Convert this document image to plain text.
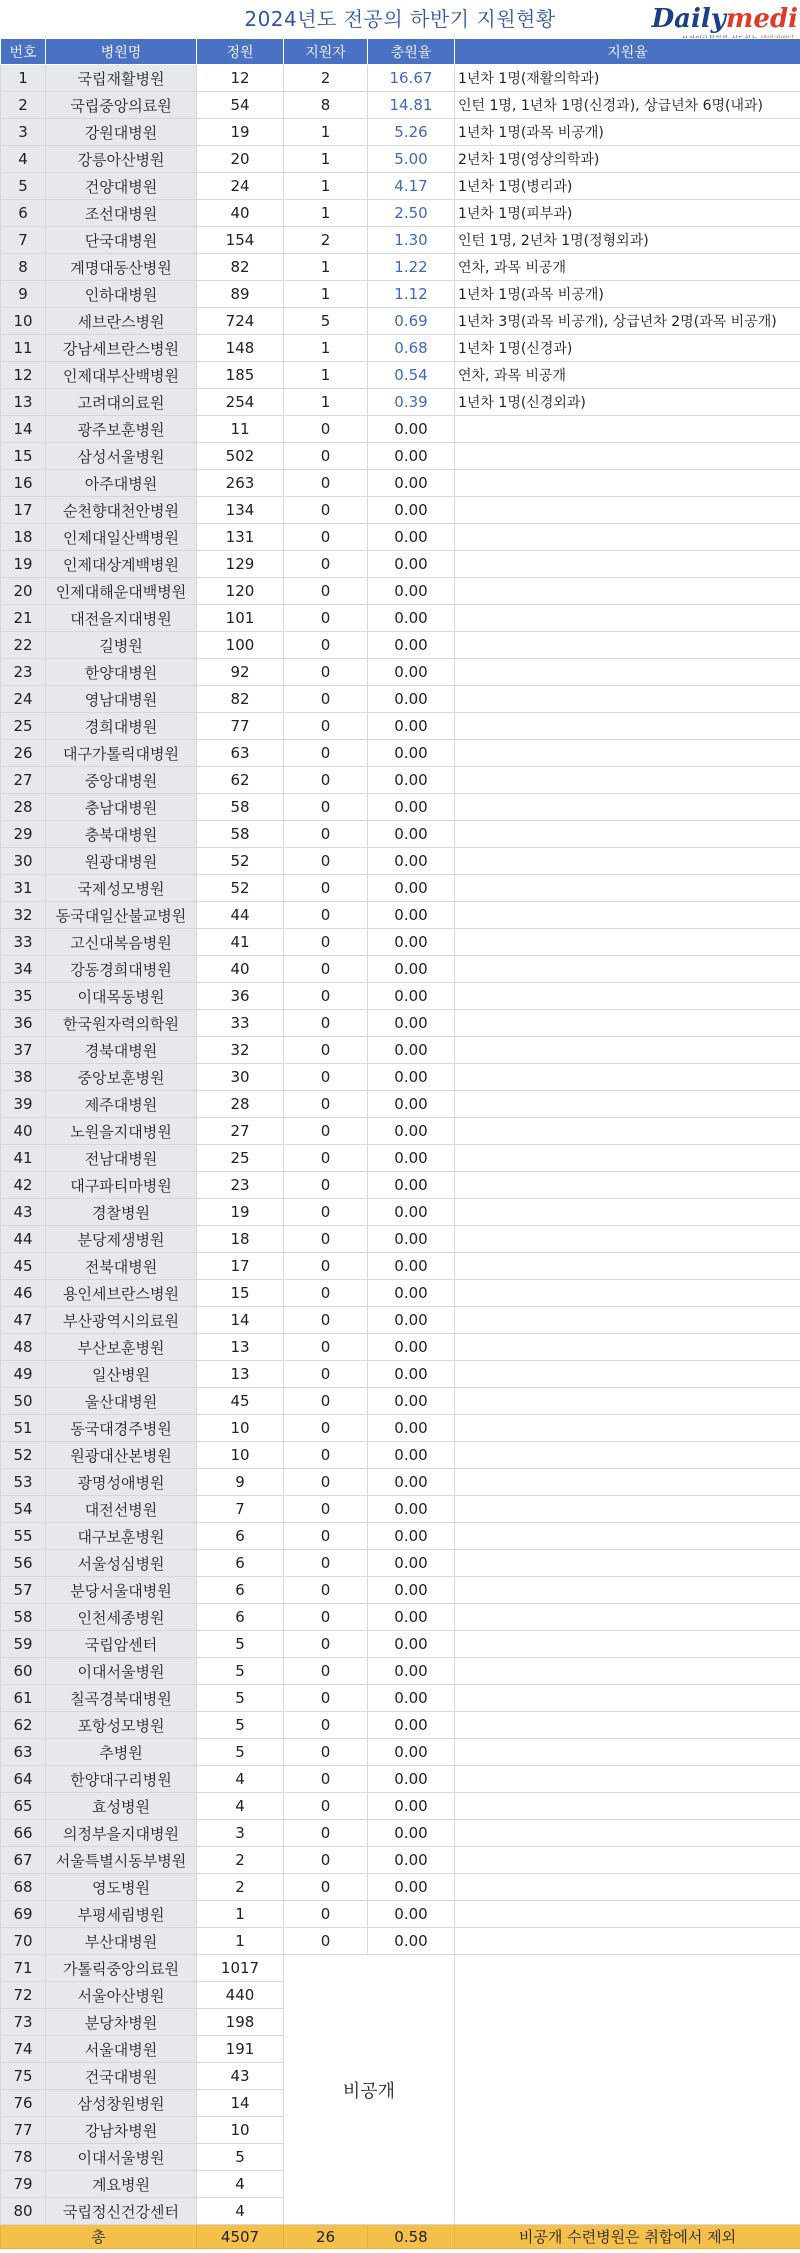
2024년도 전공의 하반기 지원현황	Dailymedi
번호	병원명	정원	지원자	충원율	지원율
1	국립재활병원	12	2	16.67	1년차 1명(재활의학과)
2	국립중앙의료원	54	8	14.81	인턴 1명, 1년차 1명(신경과), 상급년차 6명(내과)
3	강원대병원	19	1	5.26	1년차 1명(과목 비공개)
4	강릉아산병원	20	1	5.00	2년차 1명(영상의학과)
5	건양대병원	24	1	4.17	1년차 1명(병리과)
6	조선대병원	40	1	2.50	1년차 1명(피부과)
7	단국대병원	154	2	1.30	인턴 1명, 2년차 1명(정형외과)
8	계명대동산병원	82	1	1.22	연차, 과목 비공개
9	인하대병원	89	1	1.12	1년차 1명(과목 비공개)
10	세브란스병원	724	5	0.69	1년차 3명(과목 비공개), 상급년차 2명(과목 비공개)
11	강남세브란스병원	148	1	0.68	1년차 1명(신경과)
12	인제대부산백병원	185	1	0.54	연차, 과목 비공개
13	고려대의료원	254	1	0.39	1년차 1명(신경외과)
14	광주보훈병원	11	0	0.00	
15	삼성서울병원	502	0	0.00	
16	아주대병원	263	0	0.00	
17	순천향대천안병원	134	0	0.00	
18	인제대일산백병원	131	0	0.00	
19	인제대상계백병원	129	0	0.00	
20	인제대해운대백병원	120	0	0.00	
21	대전을지대병원	101	0	0.00	
22	길병원	100	0	0.00	
23	한양대병원	92	0	0.00	
24	영남대병원	82	0	0.00	
25	경희대병원	77	0	0.00	
26	대구가톨릭대병원	63	0	0.00	
27	중앙대병원	62	0	0.00	
28	충남대병원	58	0	0.00	
29	충북대병원	58	0	0.00	
30	원광대병원	52	0	0.00	
31	국제성모병원	52	0	0.00	
32	동국대일산불교병원	44	0	0.00	
33	고신대복음병원	41	0	0.00	
34	강동경희대병원	40	0	0.00	
35	이대목동병원	36	0	0.00	
36	한국원자력의학원	33	0	0.00	
37	경북대병원	32	0	0.00	
38	중앙보훈병원	30	0	0.00	
39	제주대병원	28	0	0.00	
40	노원을지대병원	27	0	0.00	
41	전남대병원	25	0	0.00	
42	대구파티마병원	23	0	0.00	
43	경찰병원	19	0	0.00	
44	분당제생병원	18	0	0.00	
45	전북대병원	17	0	0.00	
46	용인세브란스병원	15	0	0.00	
47	부산광역시의료원	14	0	0.00	
48	부산보훈병원	13	0	0.00	
49	일산병원	13	0	0.00	
50	울산대병원	45	0	0.00	
51	동국대경주병원	10	0	0.00	
52	원광대산본병원	10	0	0.00	
53	광명성애병원	9	0	0.00	
54	대전선병원	7	0	0.00	
55	대구보훈병원	6	0	0.00	
56	서울성심병원	6	0	0.00	
57	분당서울대병원	6	0	0.00	
58	인천세종병원	6	0	0.00	
59	국립암센터	5	0	0.00	
60	이대서울병원	5	0	0.00	
61	칠곡경북대병원	5	0	0.00	
62	포항성모병원	5	0	0.00	
63	추병원	5	0	0.00	
64	한양대구리병원	4	0	0.00	
65	효성병원	4	0	0.00	
66	의정부을지대병원	3	0	0.00	
67	서울특별시동부병원	2	0	0.00	
68	영도병원	2	0	0.00	
69	부평세림병원	1	0	0.00	
70	부산대병원	1	0	0.00	
71	가톨릭중앙의료원	1017	비공개		
72	서울아산병원	440			
73	분당차병원	198			
74	서울대병원	191			
75	건국대병원	43			
76	삼성창원병원	14			
77	강남차병원	10			
78	이대서울병원	5			
79	계요병원	4			
80	국립정신건강센터	4			
총		4507	26	0.58	비공개 수련병원은 취합에서 제외
